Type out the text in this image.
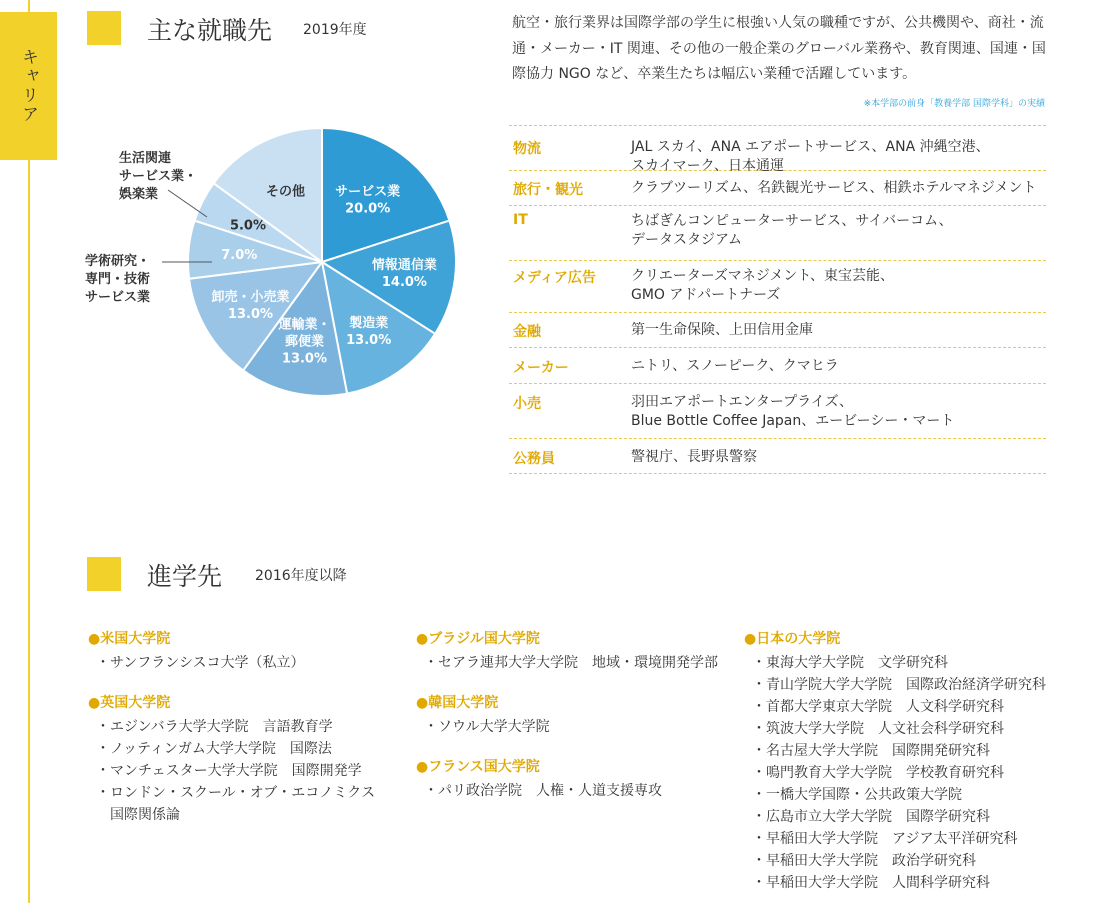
キャリア
主な就職先 2019年度	航空・旅行業界は国際学部の学生に根強い人気の職種ですが、公共機関や、商社・流通・メーカー・IT 関連、その他の一般企業のグローバル業務や、教育関連、国連・国際協力 NGO など、卒業生たちは幅広い業種で活躍しています。

※本学部の前身「教養学部 国際学科」の実績
物流	JAL スカイ、ANA エアポートサービス、ANA 沖縄空港、
スカイマーク、日本通運
旅行・観光	クラブツーリズム、名鉄観光サービス、相鉄ホテルマネジメント
IT	ちばぎんコンピューターサービス、サイバーコム、
データスタジアム
メディア広告	クリエーターズマネジメント、東宝芸能、
GMO アドパートナーズ
金融	第一生命保険、上田信用金庫
メーカー	ニトリ、スノーピーク、クマヒラ
小売	羽田エアポートエンタープライズ、
Blue Bottle Coffee Japan、エービーシー・マート
公務員	警視庁、長野県警察
サービス業
20.0%
情報通信業
14.0%
製造業
13.0%
運輸業・
郵便業
13.0%
卸売・小売業
13.0%
7.0%
5.0%
その他
生活関連
サービス業・
娯楽業
学術研究・
専門・技術
サービス業
進学先 2016年度以降
● 米国大学院
・サンフランシスコ大学（私立）
● 英国大学院
・エジンバラ大学大学院　言語教育学
・ノッティンガム大学大学院　国際法
・マンチェスター大学大学院　国際開発学
・ロンドン・スクール・オブ・エコノミクス
　国際関係論
● ブラジル国大学院
・セアラ連邦大学大学院　地域・環境開発学部
● 韓国大学院
・ソウル大学大学院
● フランス国大学院
・パリ政治学院　人権・人道支援専攻
● 日本の大学院
・東海大学大学院　文学研究科
・青山学院大学大学院　国際政治経済学研究科
・首都大学東京大学院　人文科学研究科
・筑波大学大学院　人文社会科学研究科
・名古屋大学大学院　国際開発研究科
・鳴門教育大学大学院　学校教育研究科
・一橋大学国際・公共政策大学院
・広島市立大学大学院　国際学研究科
・早稲田大学大学院　アジア太平洋研究科
・早稲田大学大学院　政治学研究科
・早稲田大学大学院　人間科学研究科
